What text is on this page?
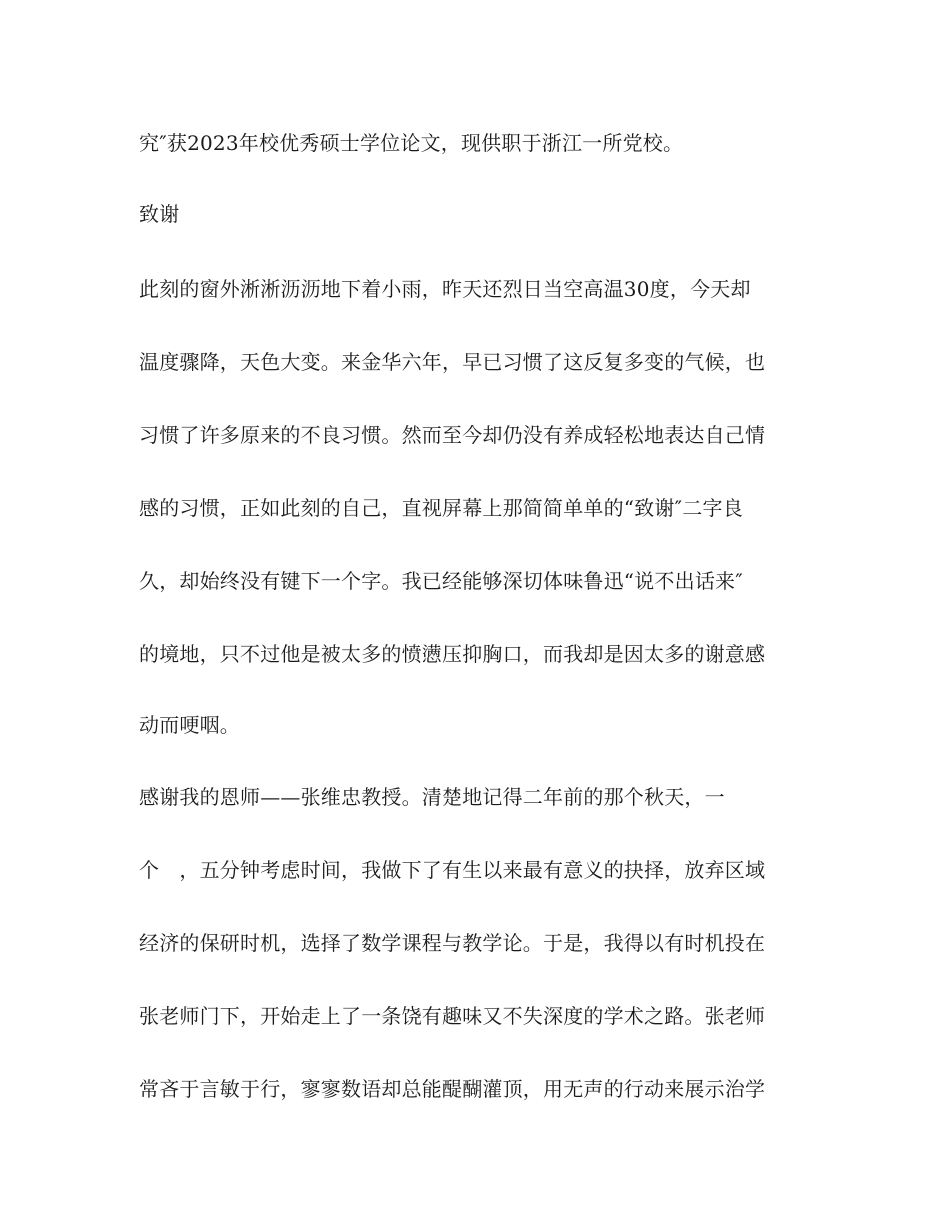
究″获2023年校优秀硕士学位论文，现供职于浙江一所党校。

致谢

此刻的窗外淅淅沥沥地下着小雨，昨天还烈日当空高温30度，今天却

温度骤降，天色大变。来金华六年，早已习惯了这反复多变的气候，也

习惯了许多原来的不良习惯。然而至今却仍没有养成轻松地表达自己情

感的习惯，正如此刻的自己，直视屏幕上那简简单单的“致谢″二字良

久，却始终没有键下一个字。我已经能够深切体味鲁迅“说不出话来″

的境地，只不过他是被太多的愤懑压抑胸口，而我却是因太多的谢意感

动而哽咽。

感谢我的恩师——张维忠教授。清楚地记得二年前的那个秋天，一

个　，五分钟考虑时间，我做下了有生以来最有意义的抉择，放弃区域

经济的保研时机，选择了数学课程与教学论。于是，我得以有时机投在

张老师门下，开始走上了一条饶有趣味又不失深度的学术之路。张老师

常吝于言敏于行，寥寥数语却总能醍醐灌顶，用无声的行动来展示治学
